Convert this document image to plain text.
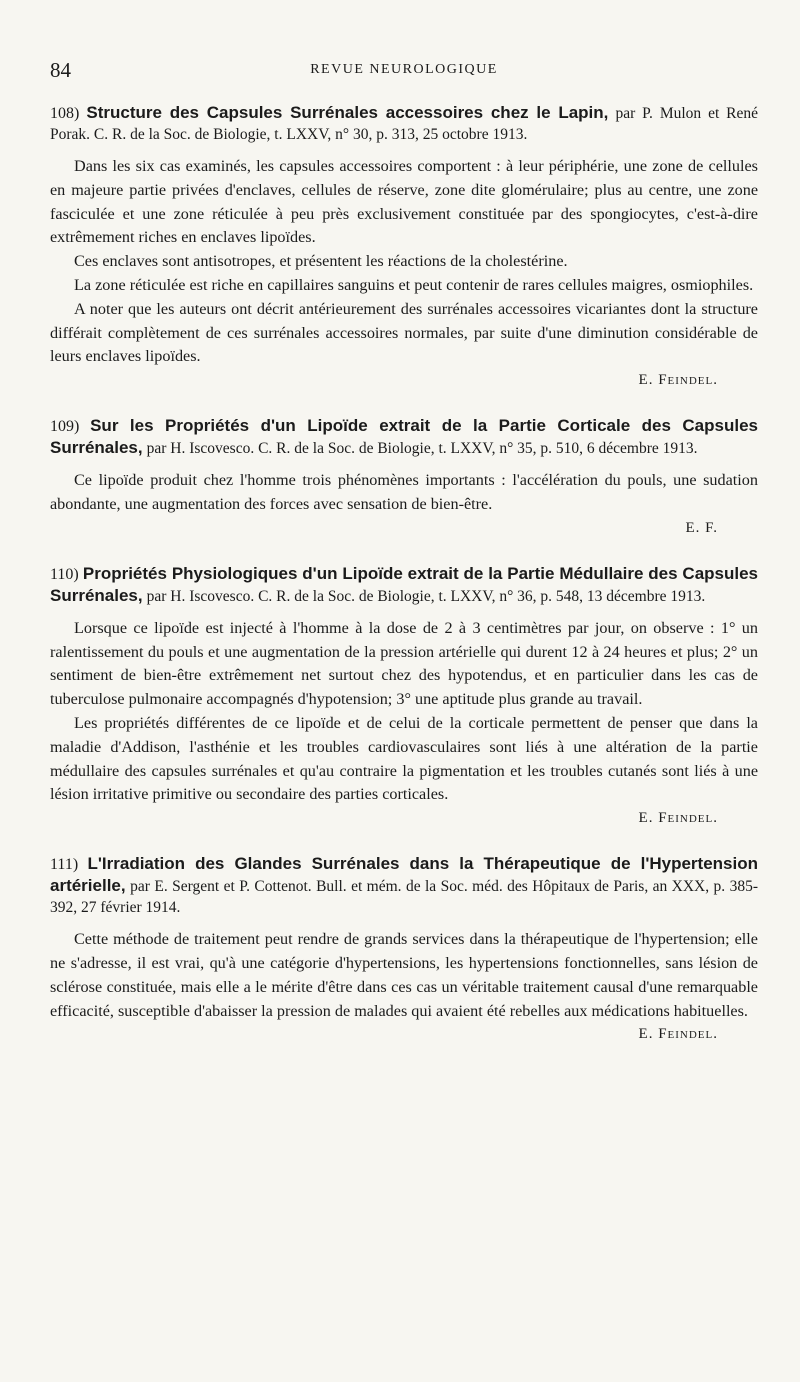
84	REVUE NEUROLOGIQUE

108) Structure des Capsules Surrénales accessoires chez le Lapin, par P. Mulon et René Porak. C. R. de la Soc. de Biologie, t. LXXV, n° 30, p. 313, 25 octobre 1913.

Dans les six cas examinés, les capsules accessoires comportent : à leur périphérie, une zone de cellules en majeure partie privées d'enclaves, cellules de réserve, zone dite glomérulaire; plus au centre, une zone fasciculée et une zone réticulée à peu près exclusivement constituée par des spongiocytes, c'est-à-dire extrêmement riches en enclaves lipoïdes.

Ces enclaves sont antisotropes, et présentent les réactions de la cholestérine.

La zone réticulée est riche en capillaires sanguins et peut contenir de rares cellules maigres, osmiophiles.

A noter que les auteurs ont décrit antérieurement des surrénales accessoires vicariantes dont la structure différait complètement de ces surrénales accessoires normales, par suite d'une diminution considérable de leurs enclaves lipoïdes.

E. Feindel.

109) Sur les Propriétés d'un Lipoïde extrait de la Partie Corticale des Capsules Surrénales, par H. Iscovesco. C. R. de la Soc. de Biologie, t. LXXV, n° 35, p. 510, 6 décembre 1913.

Ce lipoïde produit chez l'homme trois phénomènes importants : l'accélération du pouls, une sudation abondante, une augmentation des forces avec sensation de bien-être.

E. F.

110) Propriétés Physiologiques d'un Lipoïde extrait de la Partie Médullaire des Capsules Surrénales, par H. Iscovesco. C. R. de la Soc. de Biologie, t. LXXV, n° 36, p. 548, 13 décembre 1913.

Lorsque ce lipoïde est injecté à l'homme à la dose de 2 à 3 centimètres par jour, on observe : 1° un ralentissement du pouls et une augmentation de la pression artérielle qui durent 12 à 24 heures et plus; 2° un sentiment de bien-être extrêmement net surtout chez des hypotendus, et en particulier dans les cas de tuberculose pulmonaire accompagnés d'hypotension; 3° une aptitude plus grande au travail.

Les propriétés différentes de ce lipoïde et de celui de la corticale permettent de penser que dans la maladie d'Addison, l'asthénie et les troubles cardiovasculaires sont liés à une altération de la partie médullaire des capsules surrénales et qu'au contraire la pigmentation et les troubles cutanés sont liés à une lésion irritative primitive ou secondaire des parties corticales.

E. Feindel.

111) L'Irradiation des Glandes Surrénales dans la Thérapeutique de l'Hypertension artérielle, par E. Sergent et P. Cottenot. Bull. et mém. de la Soc. méd. des Hôpitaux de Paris, an XXX, p. 385-392, 27 février 1914.

Cette méthode de traitement peut rendre de grands services dans la thérapeutique de l'hypertension; elle ne s'adresse, il est vrai, qu'à une catégorie d'hypertensions, les hypertensions fonctionnelles, sans lésion de sclérose constituée, mais elle a le mérite d'être dans ces cas un véritable traitement causal d'une remarquable efficacité, susceptible d'abaisser la pression de malades qui avaient été rebelles aux médications habituelles.

E. Feindel.
